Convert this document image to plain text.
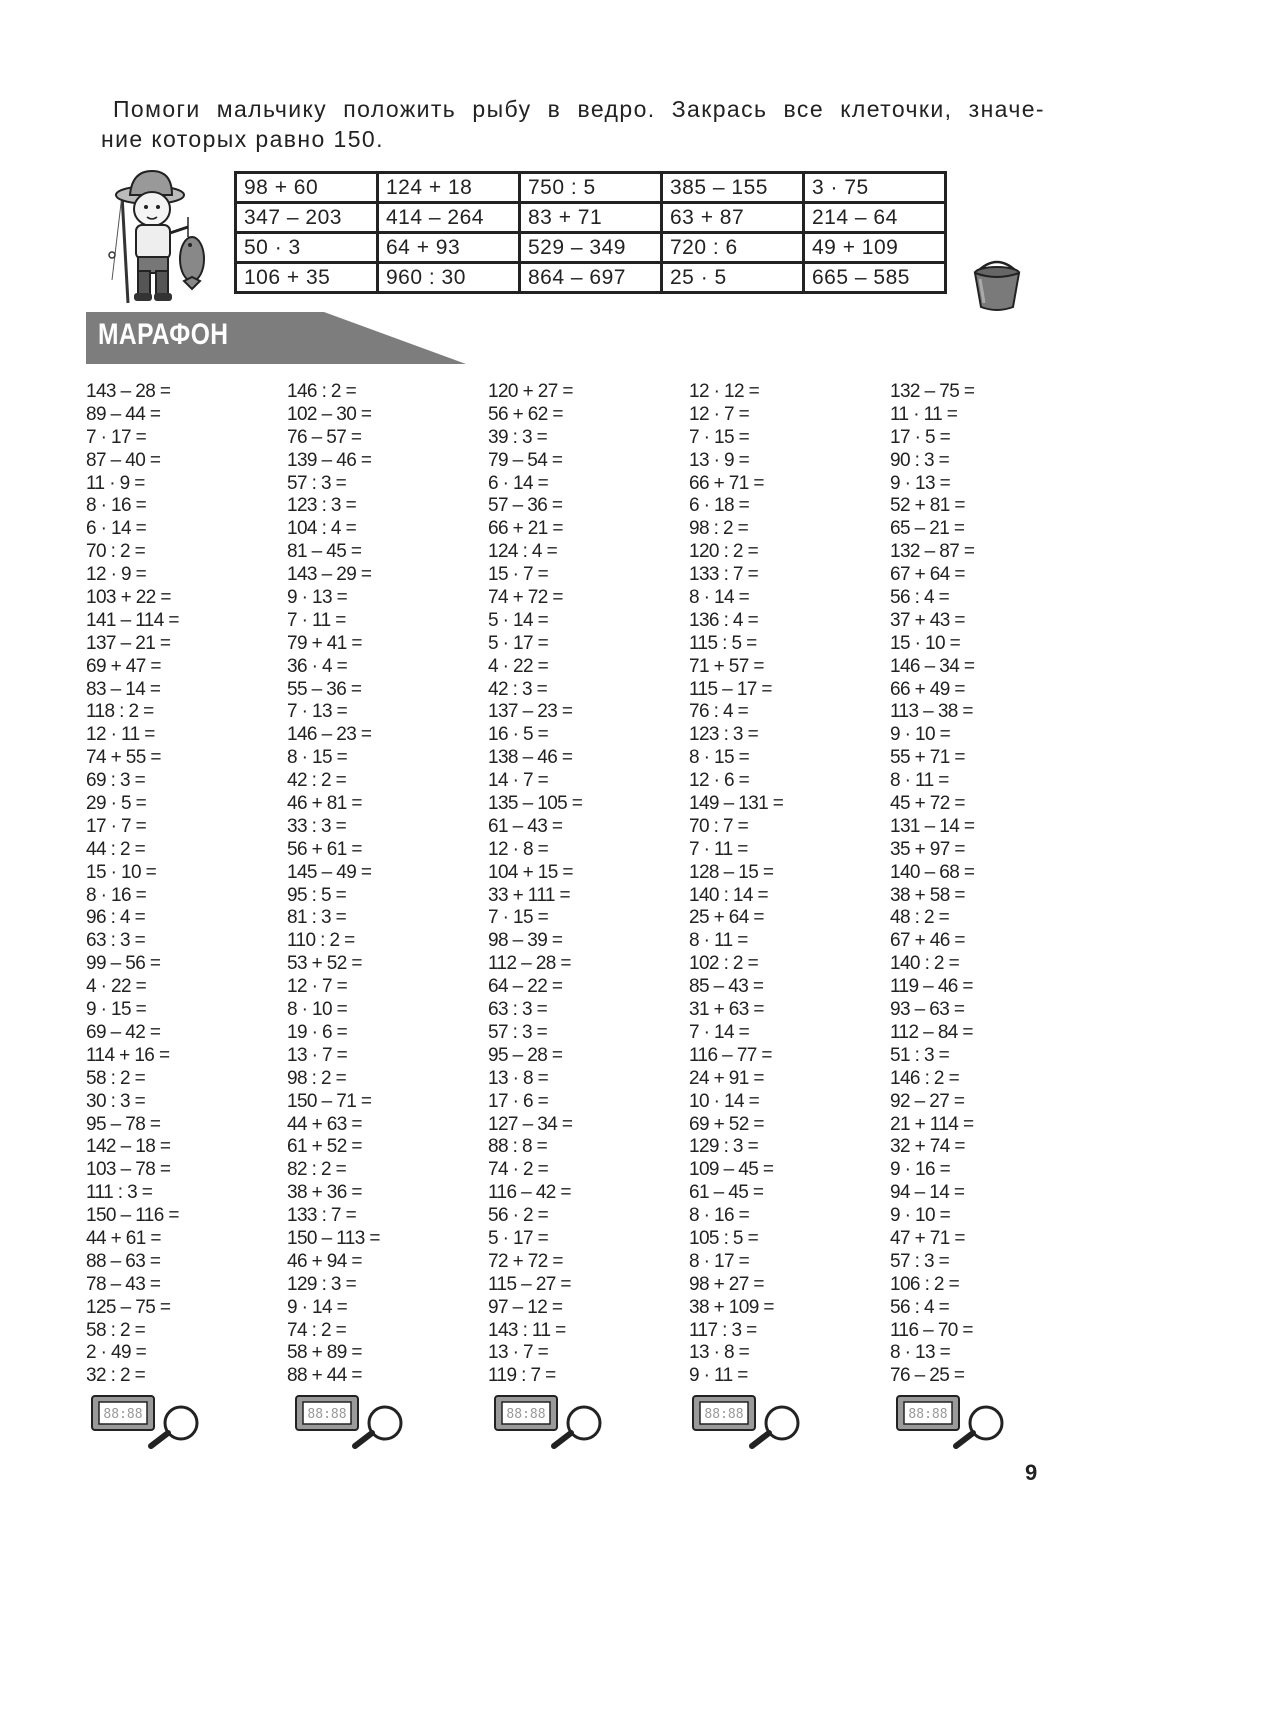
Помоги мальчику положить рыбу в ведро. Закрась все клеточки, значе-
ние которых равно 150.

98 + 60	124 + 18	750 : 5	385 – 155	3 · 75
347 – 203	414 – 264	83 + 71	63 + 87	214 – 64
50 · 3	64 + 93	529 – 349	720 : 6	49 + 109
106 + 35	960 : 30	864 – 697	25 · 5	665 – 585
МАРАФОН
143 – 28 =
89 – 44 =
7 · 17 =
87 – 40 =
11 · 9 =
8 · 16 =
6 · 14 =
70 : 2 =
12 · 9 =
103 + 22 =
141 – 114 =
137 – 21 =
69 + 47 =
83 – 14 =
118 : 2 =
12 · 11 =
74 + 55 =
69 : 3 =
29 · 5 =
17 · 7 =
44 : 2 =
15 · 10 =
8 · 16 =
96 : 4 =
63 : 3 =
99 – 56 =
4 · 22 =
9 · 15 =
69 – 42 =
114 + 16 =
58 : 2 =
30 : 3 =
95 – 78 =
142 – 18 =
103 – 78 =
111 : 3 =
150 – 116 =
44 + 61 =
88 – 63 =
78 – 43 =
125 – 75 =
58 : 2 =
2 · 49 =
32 : 2 =
146 : 2 =
102 – 30 =
76 – 57 =
139 – 46 =
57 : 3 =
123 : 3 =
104 : 4 =
81 – 45 =
143 – 29 =
9 · 13 =
7 · 11 =
79 + 41 =
36 · 4 =
55 – 36 =
7 · 13 =
146 – 23 =
8 · 15 =
42 : 2 =
46 + 81 =
33 : 3 =
56 + 61 =
145 – 49 =
95 : 5 =
81 : 3 =
110 : 2 =
53 + 52 =
12 · 7 =
8 · 10 =
19 · 6 =
13 · 7 =
98 : 2 =
150 – 71 =
44 + 63 =
61 + 52 =
82 : 2 =
38 + 36 =
133 : 7 =
150 – 113 =
46 + 94 =
129 : 3 =
9 · 14 =
74 : 2 =
58 + 89 =
88 + 44 =
120 + 27 =
56 + 62 =
39 : 3 =
79 – 54 =
6 · 14 =
57 – 36 =
66 + 21 =
124 : 4 =
15 · 7 =
74 + 72 =
5 · 14 =
5 · 17 =
4 · 22 =
42 : 3 =
137 – 23 =
16 · 5 =
138 – 46 =
14 · 7 =
135 – 105 =
61 – 43 =
12 · 8 =
104 + 15 =
33 + 111 =
7 · 15 =
98 – 39 =
112 – 28 =
64 – 22 =
63 : 3 =
57 : 3 =
95 – 28 =
13 · 8 =
17 · 6 =
127 – 34 =
88 : 8 =
74 · 2 =
116 – 42 =
56 · 2 =
5 · 17 =
72 + 72 =
115 – 27 =
97 – 12 =
143 : 11 =
13 · 7 =
119 : 7 =
12 · 12 =
12 · 7 =
7 · 15 =
13 · 9 =
66 + 71 =
6 · 18 =
98 : 2 =
120 : 2 =
133 : 7 =
8 · 14 =
136 : 4 =
115 : 5 =
71 + 57 =
115 – 17 =
76 : 4 =
123 : 3 =
8 · 15 =
12 · 6 =
149 – 131 =
70 : 7 =
7 · 11 =
128 – 15 =
140 : 14 =
25 + 64 =
8 · 11 =
102 : 2 =
85 – 43 =
31 + 63 =
7 · 14 =
116 – 77 =
24 + 91 =
10 · 14 =
69 + 52 =
129 : 3 =
109 – 45 =
61 – 45 =
8 · 16 =
105 : 5 =
8 · 17 =
98 + 27 =
38 + 109 =
117 : 3 =
13 · 8 =
9 · 11 =
132 – 75 =
11 · 11 =
17 · 5 =
90 : 3 =
9 · 13 =
52 + 81 =
65 – 21 =
132 – 87 =
67 + 64 =
56 : 4 =
37 + 43 =
15 · 10 =
146 – 34 =
66 + 49 =
113 – 38 =
9 · 10 =
55 + 71 =
8 · 11 =
45 + 72 =
131 – 14 =
35 + 97 =
140 – 68 =
38 + 58 =
48 : 2 =
67 + 46 =
140 : 2 =
119 – 46 =
93 – 63 =
112 – 84 =
51 : 3 =
146 : 2 =
92 – 27 =
21 + 114 =
32 + 74 =
9 · 16 =
94 – 14 =
9 · 10 =
47 + 71 =
57 : 3 =
106 : 2 =
56 : 4 =
116 – 70 =
8 · 13 =
76 – 25 =
88:88	88:88	88:88	88:88	88:88
9
